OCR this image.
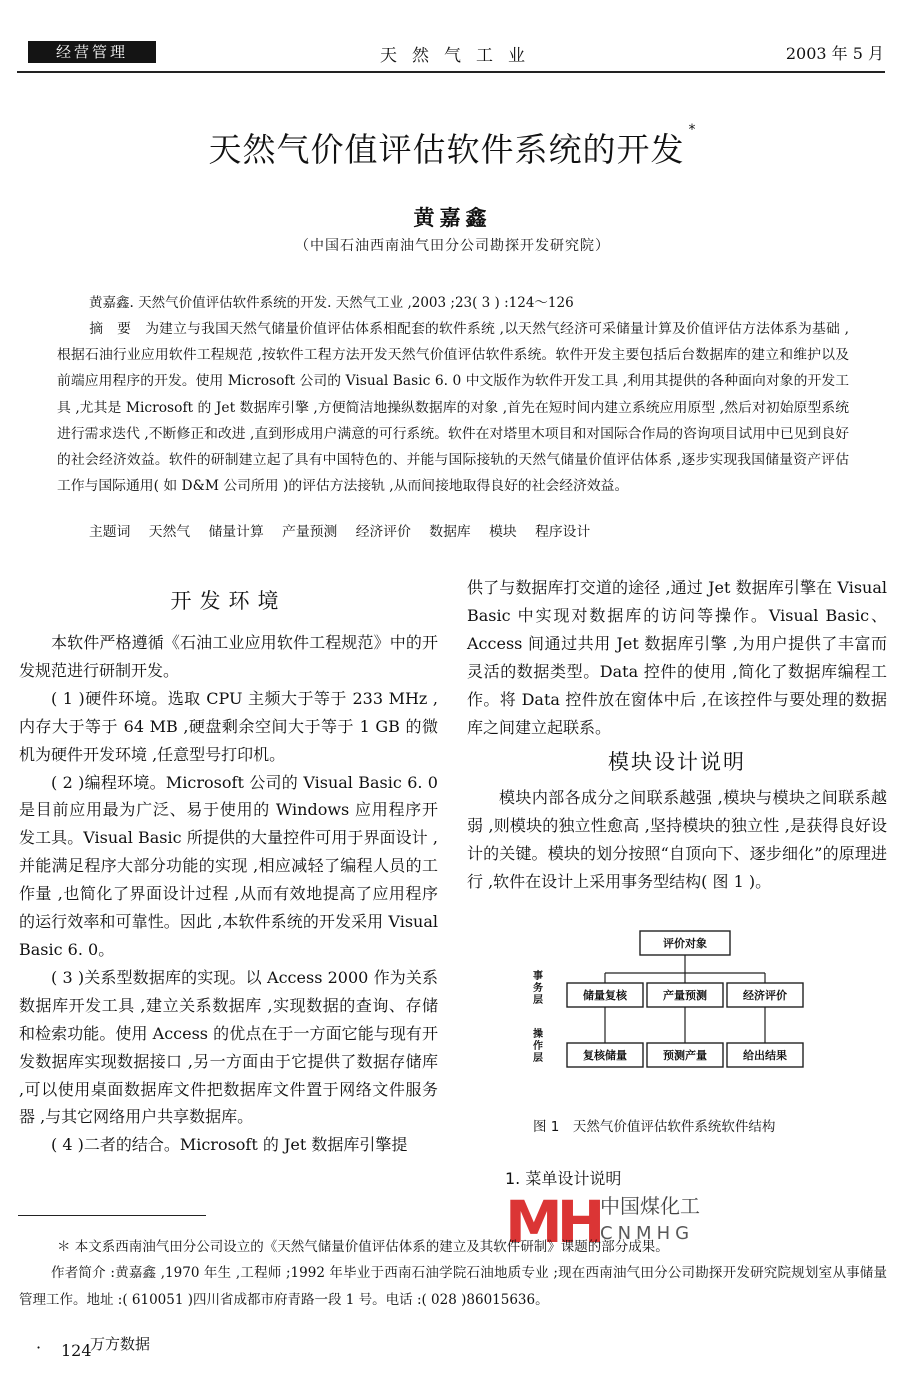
经营管理	天然气工业	2003 年 5 月
天然气价值评估软件系统的开发 *
黄嘉鑫
（中国石油西南油气田分公司勘探开发研究院）
黄嘉鑫. 天然气价值评估软件系统的开发. 天然气工业 ,2003 ;23( 3 ) :124～126
摘　要 为建立与我国天然气储量价值评估体系相配套的软件系统 ,以天然气经济可采储量计算及价值评估方法体系为基础 ,根据石油行业应用软件工程规范 ,按软件工程方法开发天然气价值评估软件系统。软件开发主要包括后台数据库的建立和维护以及前端应用程序的开发。使用 Microsoft 公司的 Visual Basic 6. 0 中文版作为软件开发工具 ,利用其提供的各种面向对象的开发工具 ,尤其是 Microsoft 的 Jet 数据库引擎 ,方便简洁地操纵数据库的对象 ,首先在短时间内建立系统应用原型 ,然后对初始原型系统进行需求迭代 ,不断修正和改进 ,直到形成用户满意的可行系统。软件在对塔里木项目和对国际合作局的咨询项目试用中已见到良好的社会经济效益。软件的研制建立起了具有中国特色的、并能与国际接轨的天然气储量价值评估体系 ,逐步实现我国储量资产评估工作与国际通用( 如 D&M 公司所用 )的评估方法接轨 ,从而间接地取得良好的社会经济效益。
主题词 天然气 储量计算 产量预测 经济评价 数据库 模块 程序设计
开发环境

本软件严格遵循《石油工业应用软件工程规范》中的开发规范进行研制开发。

( 1 )硬件环境。选取 CPU 主频大于等于 233 MHz ,内存大于等于 64 MB ,硬盘剩余空间大于等于 1 GB 的微机为硬件开发环境 ,任意型号打印机。

( 2 )编程环境。Microsoft 公司的 Visual Basic 6. 0 是目前应用最为广泛、易于使用的 Windows 应用程序开发工具。Visual Basic 所提供的大量控件可用于界面设计 ,并能满足程序大部分功能的实现 ,相应减轻了编程人员的工作量 ,也简化了界面设计过程 ,从而有效地提高了应用程序的运行效率和可靠性。因此 ,本软件系统的开发采用 Visual Basic 6. 0。

( 3 )关系型数据库的实现。以 Access 2000 作为关系数据库开发工具 ,建立关系数据库 ,实现数据的查询、存储和检索功能。使用 Access 的优点在于一方面它能与现有开发数据库实现数据接口 ,另一方面由于它提供了数据存储库 ,可以使用桌面数据库文件把数据库文件置于网络文件服务器 ,与其它网络用户共享数据库。

( 4 )二者的结合。Microsoft 的 Jet 数据库引擎提

供了与数据库打交道的途径 ,通过 Jet 数据库引擎在 Visual Basic 中实现对数据库的访问等操作。Visual Basic、Access 间通过共用 Jet 数据库引擎 ,为用户提供了丰富而灵活的数据类型。Data 控件的使用 ,简化了数据库编程工作。将 Data 控件放在窗体中后 ,在该控件与要处理的数据库之间建立起联系。

模块设计说明

模块内部各成分之间联系越强 ,模块与模块之间联系越弱 ,则模块的独立性愈高 ,坚持模块的独立性 ,是获得良好设计的关键。模块的划分按照“自顶向下、逐步细化”的原理进行 ,软件在设计上采用事务型结构( 图 1 )。

评价对象
储量复核	产量预测	经济评价
复核储量	预测产量	给出结果
事务层
操作层
图 1　天然气价值评估软件系统软件结构
1. 菜单设计说明
MH 中国煤化工
CNMHG
＊ 本文系西南油气田分公司设立的《天然气储量价值评估体系的建立及其软件研制》课题的部分成果。
作者简介 :黄嘉鑫 ,1970 年生 ,工程师 ;1992 年毕业于西南石油学院石油地质专业 ;现在西南油气田分公司勘探开发研究院规划室从事储量管理工作。地址 :( 610051 )四川省成都市府青路一段 1 号。电话 :( 028 )86015636。
· 124
万方数据
